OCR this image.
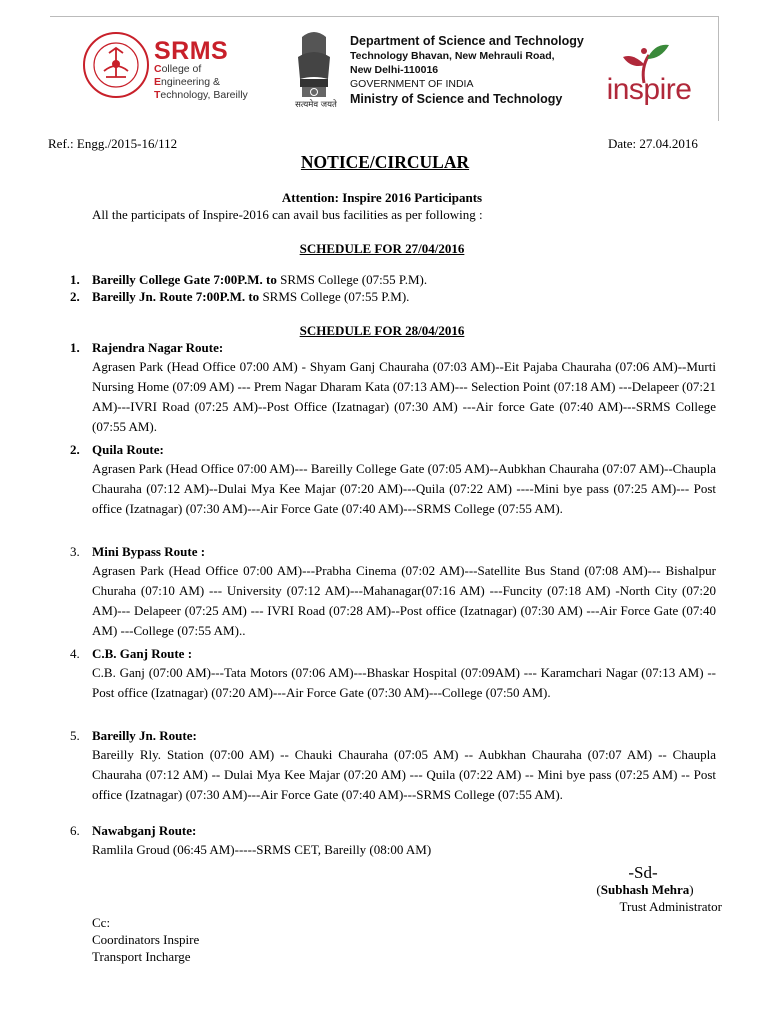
SRMS
College of
Engineering &
Technology, Bareilly
सत्यमेव जयते
Department of Science and Technology
Technology Bhavan, New Mehrauli Road,
New Delhi-110016
GOVERNMENT OF INDIA
Ministry of Science and Technology	inspire
Ref.: Engg./2015-16/112	Date: 27.04.2016
NOTICE/CIRCULAR
Attention: Inspire 2016 Participants
All the participats of Inspire-2016 can avail bus facilities as per following :
SCHEDULE FOR 27/04/2016
1. Bareilly College Gate 7:00P.M. to SRMS College (07:55 P.M).
2. Bareilly Jn. Route 7:00P.M. to SRMS College (07:55 P.M).
SCHEDULE FOR 28/04/2016
1. Rajendra Nagar Route:
Agrasen Park (Head Office 07:00 AM) - Shyam Ganj Chauraha (07:03 AM)--Eit Pajaba Chauraha (07:06 AM)--Murti Nursing Home (07:09 AM) --- Prem Nagar Dharam Kata (07:13 AM)--- Selection Point (07:18 AM) ---Delapeer (07:21 AM)---IVRI Road (07:25 AM)--Post Office (Izatnagar) (07:30 AM) ---Air force Gate (07:40 AM)---SRMS College (07:55 AM).
2. Quila Route:
Agrasen Park (Head Office 07:00 AM)--- Bareilly College Gate (07:05 AM)--Aubkhan Chauraha (07:07 AM)--Chaupla Chauraha (07:12 AM)--Dulai Mya Kee Majar (07:20 AM)---Quila (07:22 AM) ----Mini bye pass (07:25 AM)--- Post office (Izatnagar) (07:30 AM)---Air Force Gate (07:40 AM)---SRMS College (07:55 AM).
3. Mini Bypass Route :
Agrasen Park (Head Office 07:00 AM)---Prabha Cinema (07:02 AM)---Satellite Bus Stand (07:08 AM)--- Bishalpur Churaha (07:10 AM) --- University (07:12 AM)---Mahanagar(07:16 AM) ---Funcity (07:18 AM) -North City (07:20 AM)--- Delapeer (07:25 AM) --- IVRI Road (07:28 AM)--Post office (Izatnagar) (07:30 AM) ---Air Force Gate (07:40 AM) ---College (07:55 AM)..
4. C.B. Ganj Route :
C.B. Ganj (07:00 AM)---Tata Motors (07:06 AM)---Bhaskar Hospital (07:09AM) --- Karamchari Nagar (07:13 AM) -- Post office (Izatnagar) (07:20 AM)---Air Force Gate (07:30 AM)---College (07:50 AM).
5. Bareilly Jn. Route:
Bareilly Rly. Station (07:00 AM) -- Chauki Chauraha (07:05 AM) -- Aubkhan Chauraha (07:07 AM) -- Chaupla Chauraha (07:12 AM) -- Dulai Mya Kee Majar (07:20 AM) --- Quila (07:22 AM) -- Mini bye pass (07:25 AM) -- Post office (Izatnagar) (07:30 AM)---Air Force Gate (07:40 AM)---SRMS College (07:55 AM).
6. Nawabganj Route:
Ramlila Groud (06:45 AM)-----SRMS CET, Bareilly (08:00 AM)
-Sd-
(Subhash Mehra)
Trust Administrator
Cc:
Coordinators Inspire
Transport Incharge
